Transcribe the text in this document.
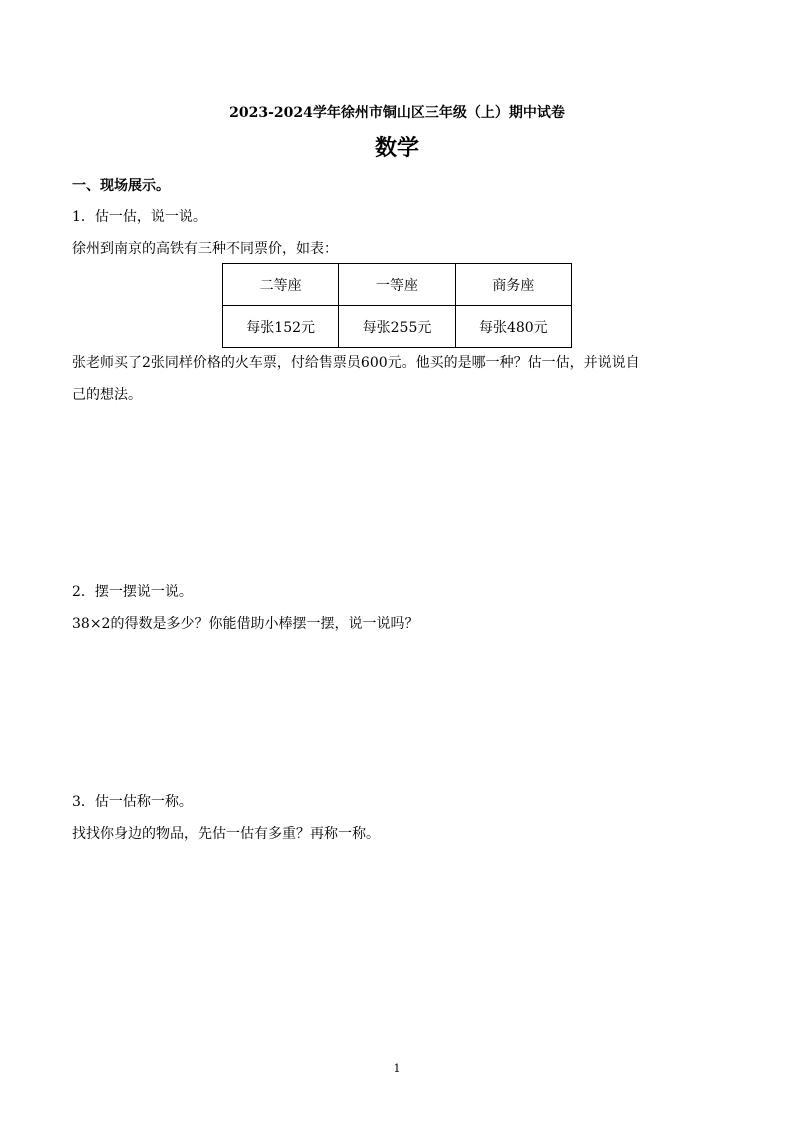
2023-2024学年徐州市铜山区三年级（上）期中试卷
数学
一、现场展示。
1．估一估，说一说。
徐州到南京的高铁有三种不同票价，如表：
二等座	一等座	商务座
每张152元	每张255元	每张480元
张老师买了2张同样价格的火车票，付给售票员600元。他买的是哪一种？估一估，并说说自
己的想法。
2．摆一摆说一说。
38×2的得数是多少？你能借助小棒摆一摆，说一说吗？
3．估一估称一称。
找找你身边的物品，先估一估有多重？再称一称。
1
